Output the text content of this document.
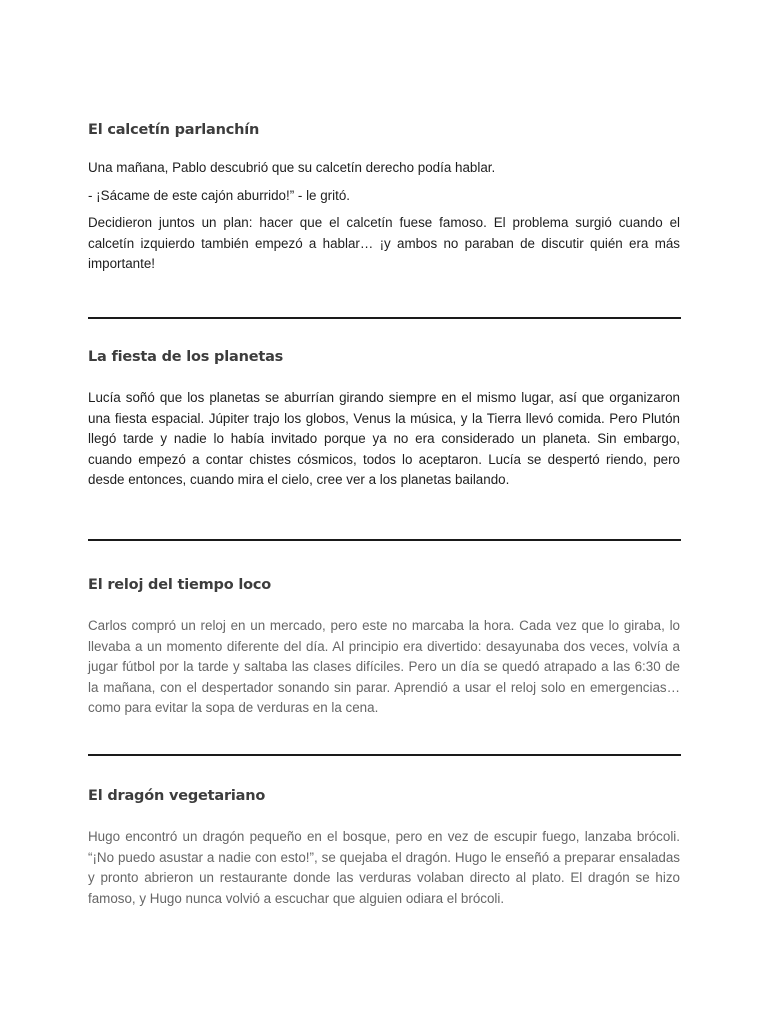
El calcetín parlanchín

Una mañana, Pablo descubrió que su calcetín derecho podía hablar.

- ¡Sácame de este cajón aburrido!” - le gritó.

Decidieron juntos un plan: hacer que el calcetín fuese famoso. El problema surgió cuando el calcetín izquierdo también empezó a hablar… ¡y ambos no paraban de discutir quién era más importante!

La fiesta de los planetas

Lucía soñó que los planetas se aburrían girando siempre en el mismo lugar, así que organizaron una fiesta espacial. Júpiter trajo los globos, Venus la música, y la Tierra llevó comida. Pero Plutón llegó tarde y nadie lo había invitado porque ya no era considerado un planeta. Sin embargo, cuando empezó a contar chistes cósmicos, todos lo aceptaron. Lucía se despertó riendo, pero desde entonces, cuando mira el cielo, cree ver a los planetas bailando.

El reloj del tiempo loco

Carlos compró un reloj en un mercado, pero este no marcaba la hora. Cada vez que lo giraba, lo llevaba a un momento diferente del día. Al principio era divertido: desayunaba dos veces, volvía a jugar fútbol por la tarde y saltaba las clases difíciles. Pero un día se quedó atrapado a las 6:30 de la mañana, con el despertador sonando sin parar. Aprendió a usar el reloj solo en emergencias… como para evitar la sopa de verduras en la cena.

El dragón vegetariano

Hugo encontró un dragón pequeño en el bosque, pero en vez de escupir fuego, lanzaba brócoli. “¡No puedo asustar a nadie con esto!”, se quejaba el dragón. Hugo le enseñó a preparar ensaladas y pronto abrieron un restaurante donde las verduras volaban directo al plato. El dragón se hizo famoso, y Hugo nunca volvió a escuchar que alguien odiara el brócoli.
